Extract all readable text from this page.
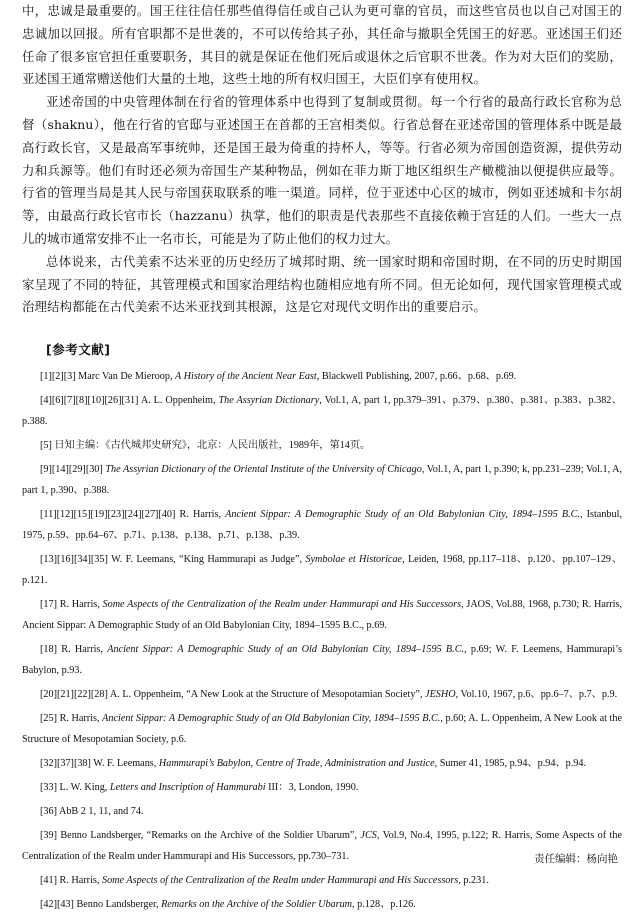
中，忠诚是最重要的。国王往往信任那些值得信任或自己认为更可靠的官员，而这些官员也以自己对国王的忠诚加以回报。所有官职都不是世袭的，不可以传给其子孙，其任命与撤职全凭国王的好恶。亚述国王们还任命了很多宦官担任重要职务，其目的就是保证在他们死后或退休之后官职不世袭。作为对大臣们的奖励，亚述国王通常赠送他们大量的土地，这些土地的所有权归国王，大臣们享有使用权。

亚述帝国的中央管理体制在行省的管理体系中也得到了复制或贯彻。每一个行省的最高行政长官称为总督（shaknu），他在行省的官邸与亚述国王在首都的王宫相类似。行省总督在亚述帝国的管理体系中既是最高行政长官，又是最高军事统帅，还是国王最为倚重的持杯人，等等。行省必须为帝国创造资源，提供劳动力和兵源等。他们有时还必须为帝国生产某种物品，例如在菲力斯丁地区组织生产橄榄油以便提供应最等。行省的管理当局是其人民与帝国获取联系的唯一渠道。同样，位于亚述中心区的城市，例如亚述城和卡尔胡等，由最高行政长官市长（hazzanu）执掌，他们的职责是代表那些不直接依赖于宫廷的人们。一些大一点儿的城市通常安排不止一名市长，可能是为了防止他们的权力过大。

总体说来，古代美索不达米亚的历史经历了城邦时期、统一国家时期和帝国时期，在不同的历史时期国家呈现了不同的特征，其管理模式和国家治理结构也随相应地有所不同。但无论如何，现代国家管理模式或治理结构都能在古代美索不达米亚找到其根源，这是它对现代文明作出的重要启示。

[参考文献]

[1][2][3] Marc Van De Mieroop, A History of the Ancient Near East, Blackwell Publishing, 2007, p.66、p.68、p.69.

[4][6][7][8][10][26][31] A. L. Oppenheim, The Assyrian Dictionary, Vol.1, A, part 1, pp.379–391、p.379、p.380、p.381、p.383、p.382、p.388.

[5] 日知主编：《古代城邦史研究》，北京：人民出版社，1989年，第14页。

[9][14][29][30] The Assyrian Dictionary of the Oriental Institute of the University of Chicago, Vol.1, A, part 1, p.390; k, pp.231–239; Vol.1, A, part 1, p.390、p.388.

[11][12][15][19][23][24][27][40] R. Harris, Ancient Sippar: A Demographic Study of an Old Babylonian City, 1894–1595 B.C., Istanbul, 1975, p.59、pp.64–67、p.71、p.138、p.138、p.71、p.138、p.39.

[13][16][34][35] W. F. Leemans, “King Hammurapi as Judge”, Symbolae et Historicae, Leiden, 1968, pp.117–118、p.120、pp.107–129、p.121.

[17] R. Harris, Some Aspects of the Centralization of the Realm under Hammurapi and His Successors, JAOS, Vol.88, 1968, p.730; R. Harris, Ancient Sippar: A Demographic Study of an Old Babylonian City, 1894–1595 B.C., p.69.

[18] R. Harris, Ancient Sippar: A Demographic Study of an Old Babylonian City, 1894–1595 B.C., p.69; W. F. Leemens, Hammurapi’s Babylon, p.93.

[20][21][22][28] A. L. Oppenheim, “A New Look at the Structure of Mesopotamian Society”, JESHO, Vol.10, 1967, p.6、pp.6–7、p.7、p.9.

[25] R. Harris, Ancient Sippar: A Demographic Study of an Old Babylonian City, 1894–1595 B.C., p.60; A. L. Oppenheim, A New Look at the Structure of Mesopotamian Society, p.6.

[32][37][38] W. F. Leemans, Hammurapi’s Babylon, Centre of Trade, Administration and Justice, Sumer 41, 1985, p.94、p.94、p.94.

[33] L. W. King, Letters and Inscription of Hammurabi III：3, London, 1990.

[36] AbB 2 1, 11, and 74.

[39] Benno Landsberger, “Remarks on the Archive of the Soldier Ubarum”, JCS, Vol.9, No.4, 1995, p.122; R. Harris, Some Aspects of the Centralization of the Realm under Hammurapi and His Successors, pp.730–731.

[41] R. Harris, Some Aspects of the Centralization of the Realm under Hammurapi and His Successors, p.231.

[42][43] Benno Landsberger, Remarks on the Archive of the Soldier Ubarum, p.128、p.126.

责任编辑：杨向艳
